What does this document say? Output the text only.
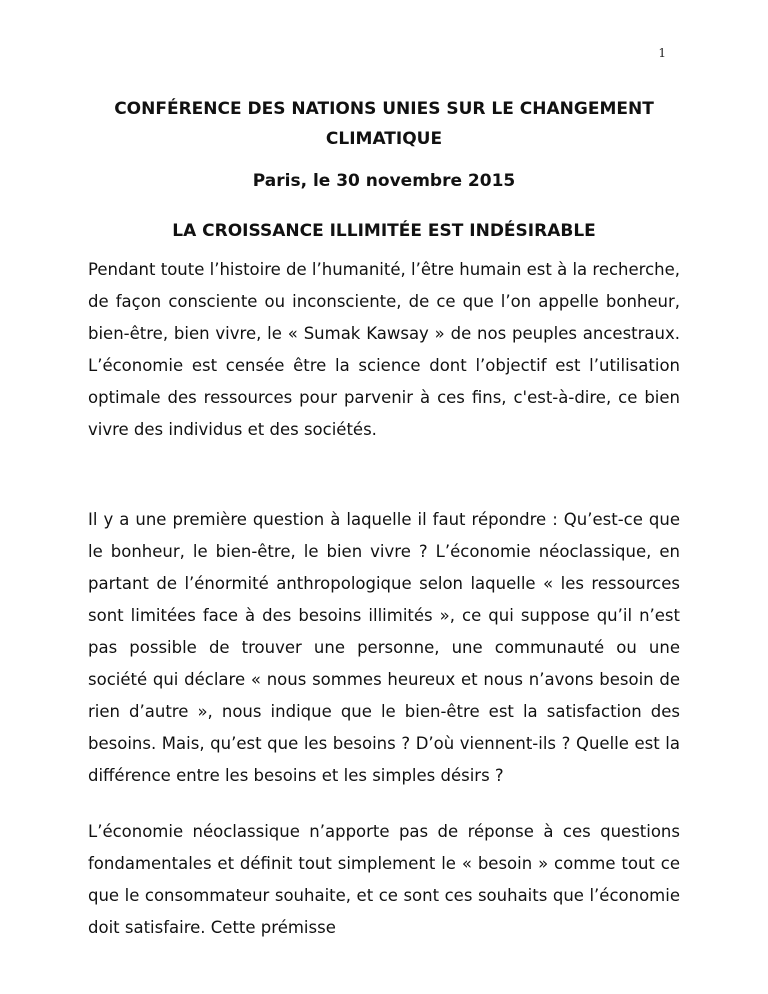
1
CONFÉRENCE DES NATIONS UNIES SUR LE CHANGEMENT CLIMATIQUE
Paris, le 30 novembre 2015
LA CROISSANCE ILLIMITÉE EST INDÉSIRABLE

Pendant toute l’histoire de l’humanité, l’être humain est à la recherche, de façon consciente ou inconsciente, de ce que l’on appelle bonheur, bien-être, bien vivre, le « Sumak Kawsay » de nos peuples ancestraux. L’économie est censée être la science dont l’objectif est l’utilisation optimale des ressources pour parvenir à ces fins, c'est-à-dire, ce bien vivre des individus et des sociétés.

Il y a une première question à laquelle il faut répondre : Qu’est-ce que le bonheur, le bien-être, le bien vivre ? L’économie néoclassique, en partant de l’énormité anthropologique selon laquelle « les ressources sont limitées face à des besoins illimités », ce qui suppose qu’il n’est pas possible de trouver une personne, une communauté ou une société qui déclare « nous sommes heureux et nous n’avons besoin de rien d’autre », nous indique que le bien-être est la satisfaction des besoins. Mais, qu’est que les besoins ? D’où viennent-ils ? Quelle est la différence entre les besoins et les simples désirs ?

L’économie néoclassique n’apporte pas de réponse à ces questions fondamentales et définit tout simplement le « besoin » comme tout ce que le consommateur souhaite, et ce sont ces souhaits que l’économie doit satisfaire. Cette prémisse
